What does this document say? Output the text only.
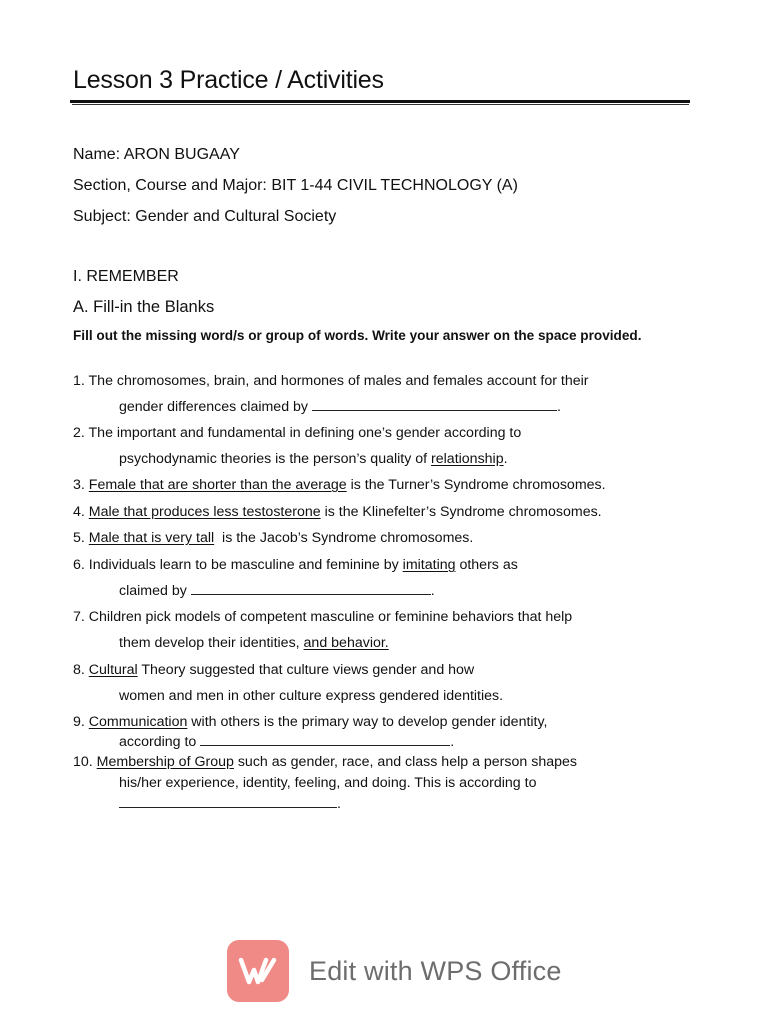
Lesson 3 Practice / Activities
Name: ARON BUGAAY
Section, Course and Major: BIT 1-44 CIVIL TECHNOLOGY (A)
Subject: Gender and Cultural Society
I. REMEMBER
A. Fill-in the Blanks
Fill out the missing word/s or group of words. Write your answer on the space provided.
1. The chromosomes, brain, and hormones of males and females account for their
gender differences claimed by	.
2. The important and fundamental in defining one’s gender according to
psychodynamic theories is the person’s quality of relationship.
3. Female that are shorter than the average is the Turner’s Syndrome chromosomes.
4. Male that produces less testosterone is the Klinefelter’s Syndrome chromosomes.
5. Male that is very tall  is the Jacob’s Syndrome chromosomes.
6. Individuals learn to be masculine and feminine by imitating others as
claimed by	.
7. Children pick models of competent masculine or feminine behaviors that help
them develop their identities, and behavior.
8. Cultural Theory suggested that culture views gender and how
women and men in other culture express gendered identities.
9. Communication with others is the primary way to develop gender identity,
according to	.
10. Membership of Group such as gender, race, and class help a person shapes
his/her experience, identity, feeling, and doing. This is according to
.
Edit with WPS Office
